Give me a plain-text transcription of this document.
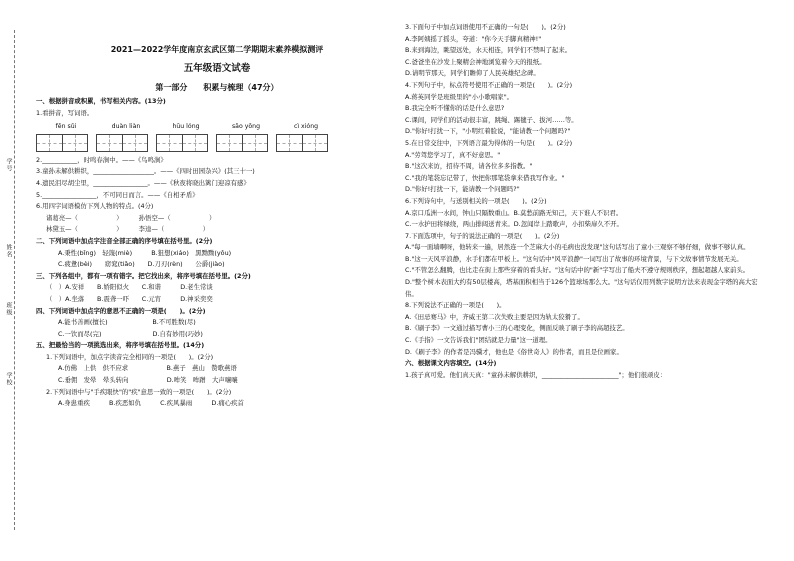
学号
姓名
班级
学校
2021—2022学年度南京玄武区第二学期期末素养模拟测评
五年级语文试卷
第一部分　　积累与梳理（47分）
一、根据拼音或积累，书写相关内容。(13分)
1.看拼音，写词语。
fēn sǔi	duàn liàn	hūu lóng	sāo yōng	cì xióng
2.___________，时鸣春涧中。——《鸟鸣涧》
3.童孙未解供耕织，___________________。——《四时田园杂兴》(其三十一)
4.遗民泪尽胡尘里，_________________。——《秋夜将晓出篱门迎凉有感》
5._________________，不可同日而言。——《自相矛盾》
6.用四字词语模仿下列人物的特点。(4分)
诸葛亮—（　　　　　　）　　　孙悟空—（　　　　　　）
林黛玉—（　　　　　　）　　　李逵—（　　　　　　）
二、下列词语中加点字注音全部正确的序号填在括号里。(2分)
A.秉性(bǐng)　轻篾(miè)　　　B.狙想(xiáo)　黑黝黝(yǒu)
C.疲惫(bèi)　　窈窕(tiǎo)　　D.刀刃(rèn)　　公爵(jiào)
三、下列各组中，都有一项有错字。把它找出来，将序号填在括号里。(2分)
（　）A.安祥　　B.娇阳似火　　C.和谐　　　D.老生常谈
（　）A.坐落　　B.震聋一吓　　C.元宵　　　D.神采奕奕
四、下列词语中加点字的意思不正确的一项是(　　)。(2分)
A.能书善画(擅长)　　　　　　　B.不可胜数(尽)
C.一饮而尽(完)　　　　　　　　D.自有妙用(巧妙)
五、把最恰当的一项挑选出来，将序号填在括号里。(14分)
1.下列词语中，加点字读音完全相同的一项是(　　)。(2分)
A.仿佛　上供　供不应求　　　　　　B.燕子　燕山　赞歌燕语
C.垂佣　发晕　晕头转向　　　　　　D.哞笑　哞蹭　大声嚷嚷
2.下列词语中与"手疾眼快"的"疾"意思一致的一项是(　　)。(2分)
A.身患重疾　　　B.疾恶如仇　　　C.疾风暴雨　　　D.痛心疾首
3.下面句子中加点词语使用不正确的一句是(　　)。(2分)
A.李阿姨摇了摇头，夸道："你今天手脚真精神!"
B.来到海边，眺望远处，水天相连，同学们不禁叫了起来。
C.爸爸坐在沙发上聚精会神地浏览着今天的报纸。
D.请明节那天，同学们瞻仰了人民英雄纪念碑。
4.下列句子中，标点符号使用不正确的一项是(　　)。(2分)
A.蒋英同学是班级里的"小小歌唱家"。
B.我完全听不懂你的话是什么意思?
C.课间，同学们的活动很丰富，跳绳、踢毽子、拔河……等。
D."你好!打扰一下，"小明红着脸说，"能请教一个问题吗?"
5.在日常交往中，下列语言最为得体的一句是(　　)。(2分)
A."劳驾您学习了，真不好意思。"
B."这次来访，招待不周，请各位多多指教。"
C."我的笔袋忘记带了，快把你那笔袋拿来借我写作业。"
D."你好!打扰一下，能请教一个问题吗?"
6.下列诗句中，与送别相关的一项是(　　)。(2分)
A.京口瓜洲一水间，钟山只隔数重山。B.莫愁前路无知己，天下谁人不识君。
C.一水护田将绿绕，两山排闼送青来。D.忽闻岸上踏歌声，小扣柴扉久不开。
7.下面选项中，句子的说法正确的一项是(　　)。(2分)
A."每一面墙啊呀，他转来一遍，居然连一个芝麻大小的毛病也没发现"这句话写出了童小三观察不够仔细，做事不够认真。
B."这一天风平浪静，水手们都在甲板上。"这句话中"风平浪静"一词写出了故事的环境背景，与下文故事情节发展无关。
C."不管怎么翻腾，也比走在街上那些穿着的看头好。"这句话中的"新"字写出了船夫不遵守规则秩序，想起超越人家前头。
D."整个树木表面大约有50层楼高，塔基面积相当于126个篮球场那么大。"这句话仅用列数字说明方法来表现金字塔的高大宏伟。
8.下列说法不正确的一项是(　　)。
A.《田忌赛马》中，齐威王第二次失败主要是因为轨太狡猾了。
B.《刷子李》一文通过描写曹小三的心理变化，侧面反映了刷子李的高超技艺。
C.《手指》一文告诉我们"团结就是力量"这一道理。
D.《刷子李》的作者是冯骥才，他也是《俗世奇人》的作者，而且是位画家。
六、根据课文内容填空。(14分)
1.孩子真可爱。他们真天真："童孙未解供耕织，________________________"；他们很顽皮：
